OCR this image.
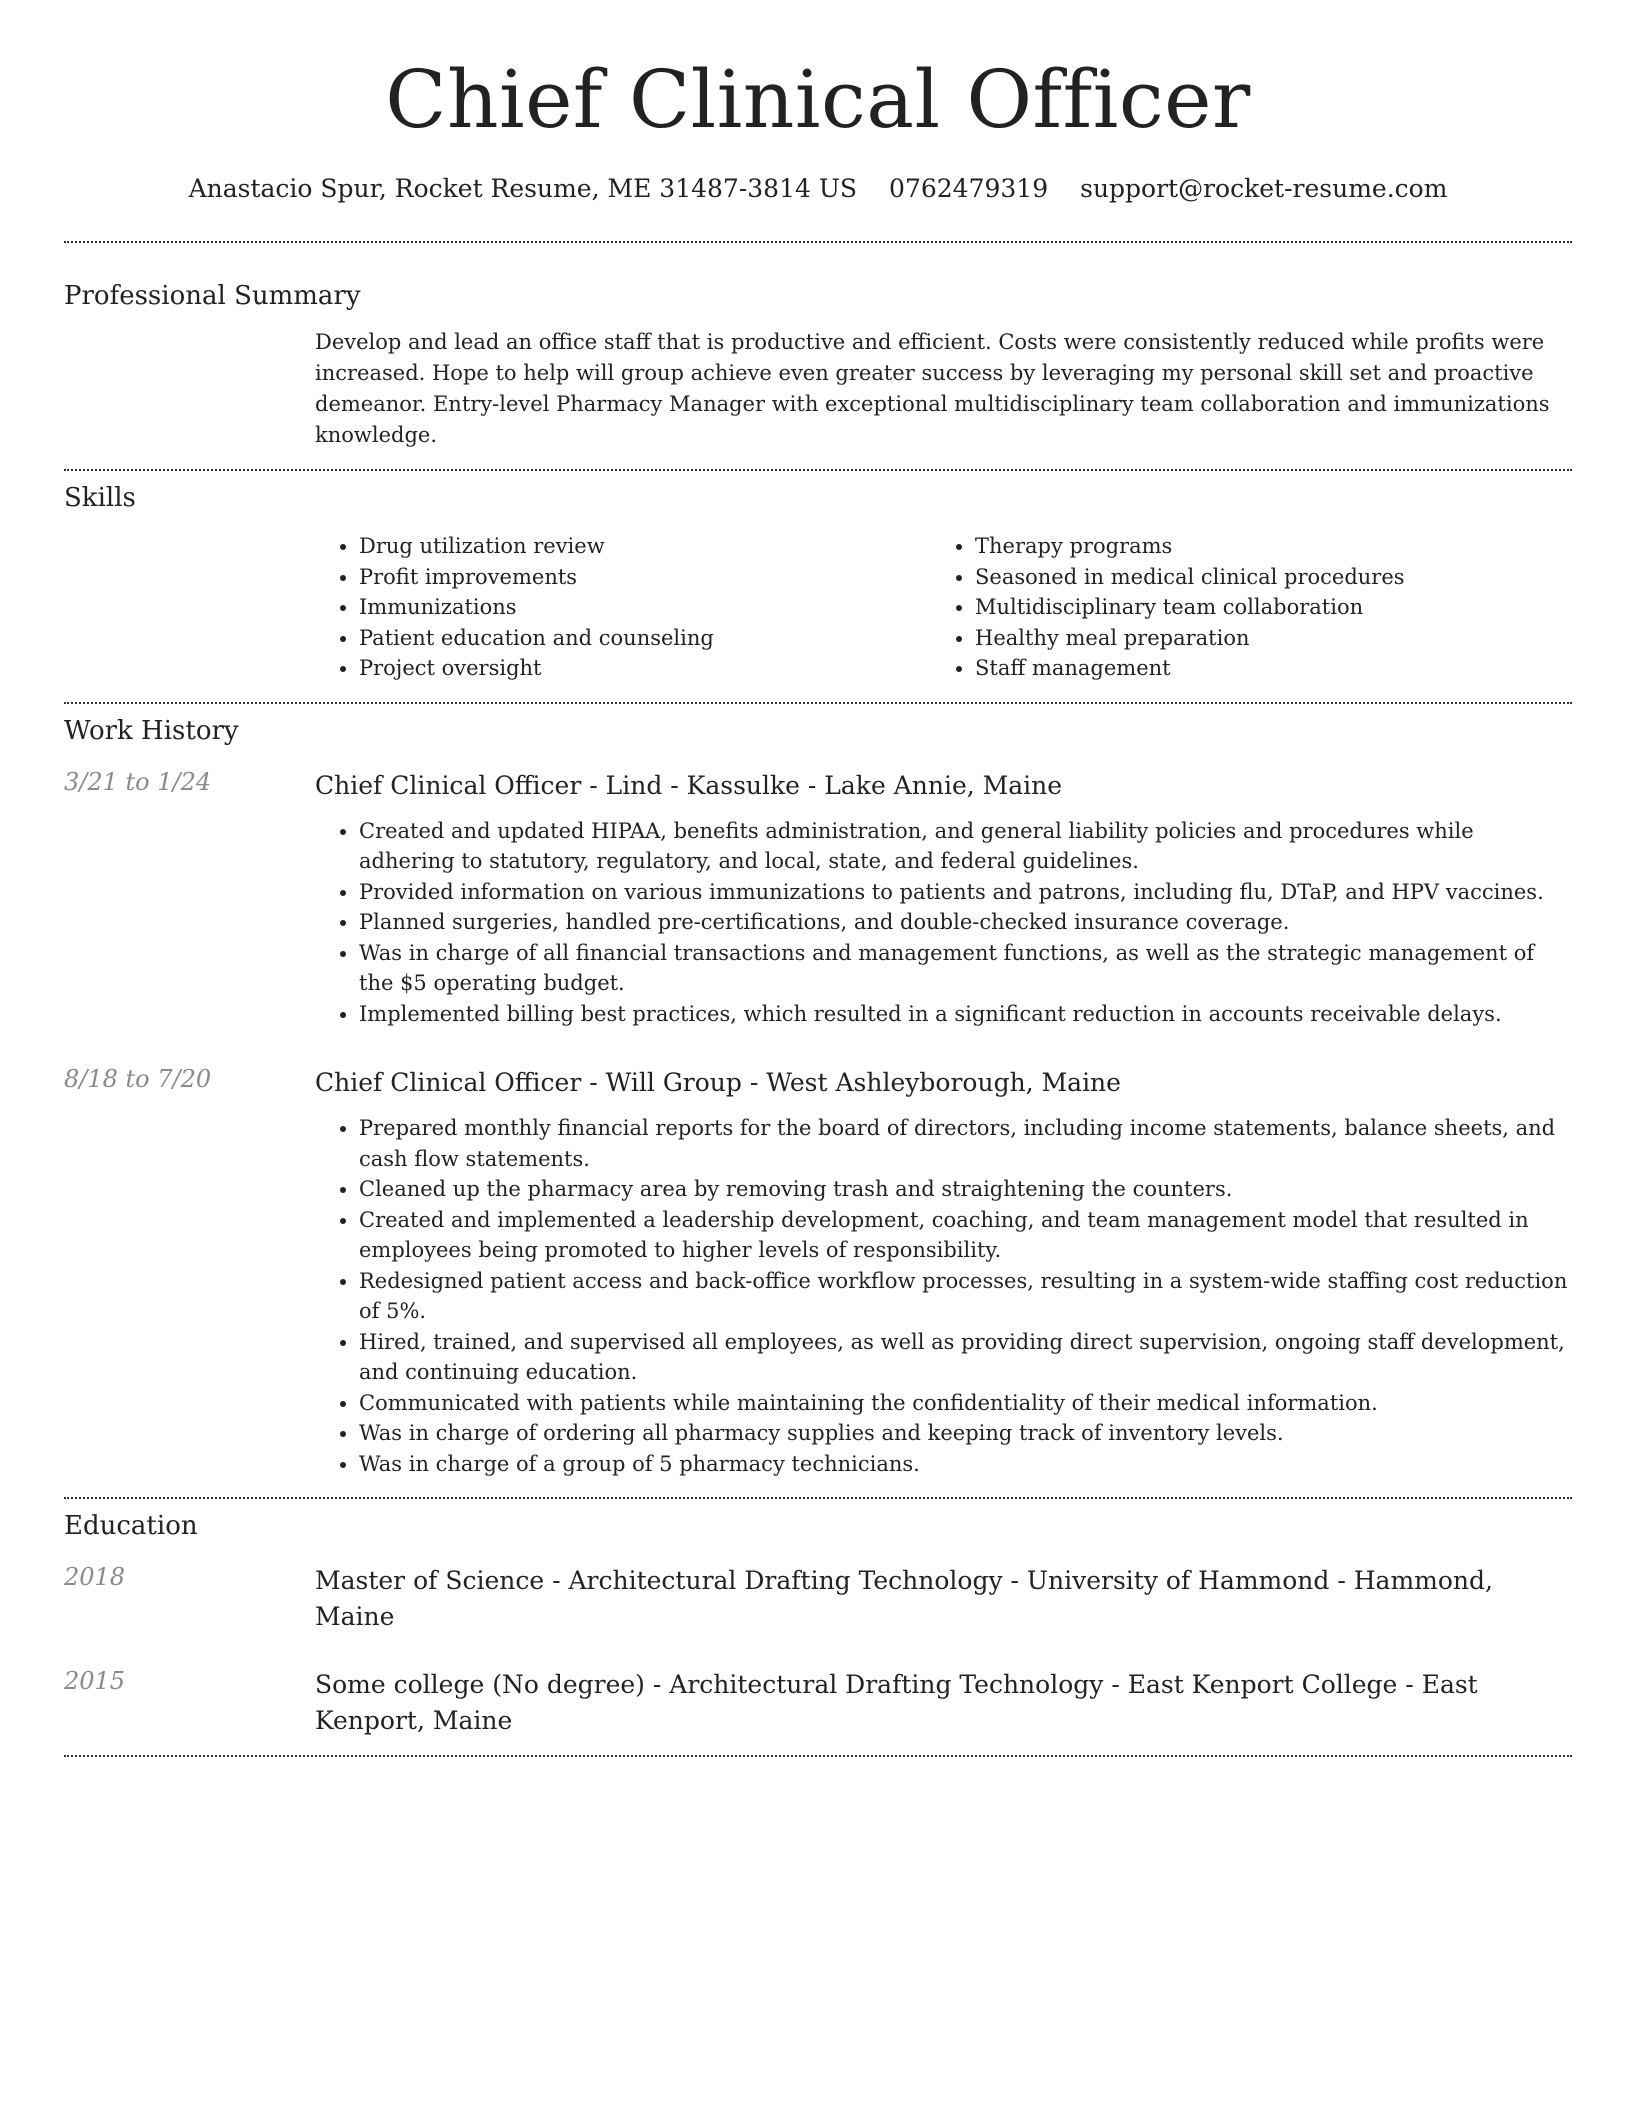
Chief Clinical Officer
Anastacio Spur, Rocket Resume, ME 31487-3814 US 0762479319 support@rocket-resume.com
Professional Summary
Develop and lead an office staff that is productive and efficient. Costs were consistently reduced while profits were increased. Hope to help will group achieve even greater success by leveraging my personal skill set and proactive demeanor. Entry-level Pharmacy Manager with exceptional multidisciplinary team collaboration and immunizations knowledge.
Skills
• Drug utilization review
• Profit improvements
• Immunizations
• Patient education and counseling
• Project oversight
• Therapy programs
• Seasoned in medical clinical procedures
• Multidisciplinary team collaboration
• Healthy meal preparation
• Staff management
Work History
3/21 to 1/24	Chief Clinical Officer - Lind - Kassulke - Lake Annie, Maine
• Created and updated HIPAA, benefits administration, and general liability policies and procedures while adhering to statutory, regulatory, and local, state, and federal guidelines.
• Provided information on various immunizations to patients and patrons, including flu, DTaP, and HPV vaccines.
• Planned surgeries, handled pre-certifications, and double-checked insurance coverage.
• Was in charge of all financial transactions and management functions, as well as the strategic management of the $5 operating budget.
• Implemented billing best practices, which resulted in a significant reduction in accounts receivable delays.
8/18 to 7/20	Chief Clinical Officer - Will Group - West Ashleyborough, Maine
• Prepared monthly financial reports for the board of directors, including income statements, balance sheets, and cash flow statements.
• Cleaned up the pharmacy area by removing trash and straightening the counters.
• Created and implemented a leadership development, coaching, and team management model that resulted in employees being promoted to higher levels of responsibility.
• Redesigned patient access and back-office workflow processes, resulting in a system-wide staffing cost reduction of 5%.
• Hired, trained, and supervised all employees, as well as providing direct supervision, ongoing staff development, and continuing education.
• Communicated with patients while maintaining the confidentiality of their medical information.
• Was in charge of ordering all pharmacy supplies and keeping track of inventory levels.
• Was in charge of a group of 5 pharmacy technicians.
Education
2018	Master of Science - Architectural Drafting Technology - University of Hammond - Hammond, Maine
2015	Some college (No degree) - Architectural Drafting Technology - East Kenport College - East Kenport, Maine
